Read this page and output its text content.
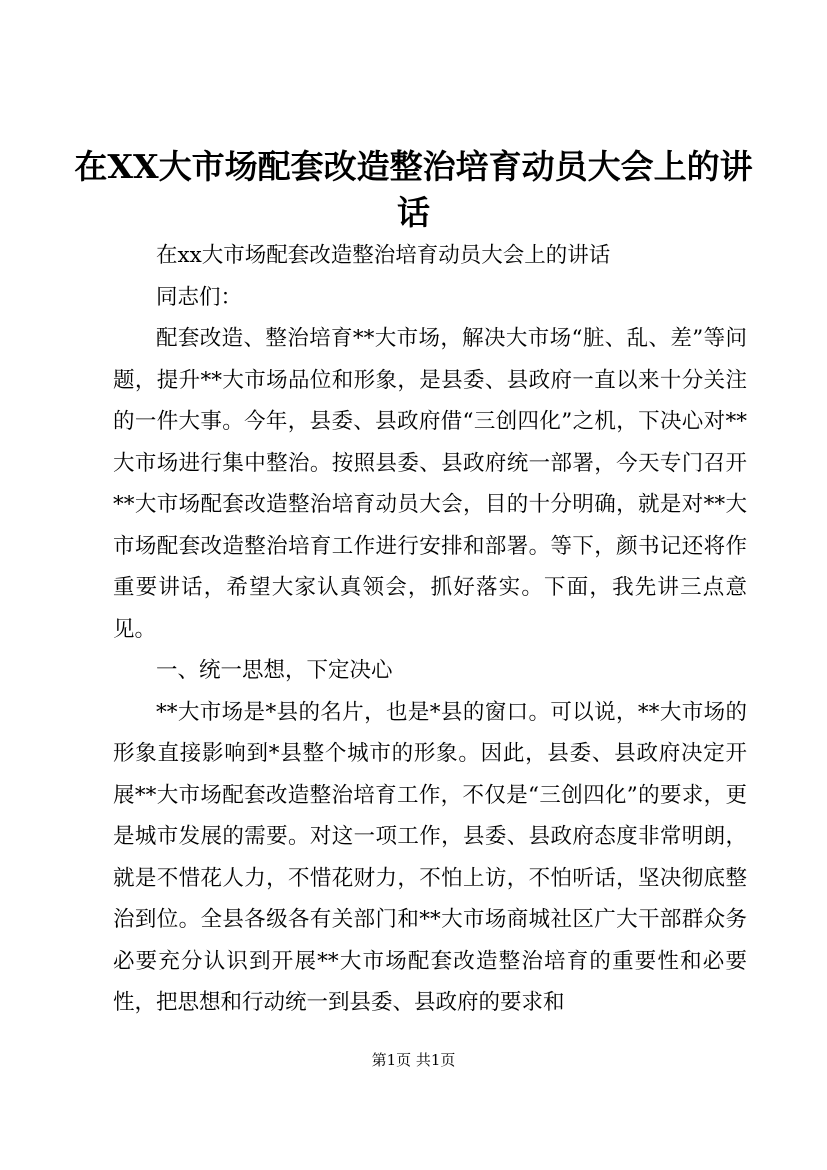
在XX大市场配套改造整治培育动员大会上的讲话

在xx大市场配套改造整治培育动员大会上的讲话

同志们：

配套改造、整治培育**大市场，解决大市场“脏、乱、差”等问题，提升**大市场品位和形象，是县委、县政府一直以来十分关注的一件大事。今年，县委、县政府借“三创四化”之机，下决心对**大市场进行集中整治。按照县委、县政府统一部署，今天专门召开**大市场配套改造整治培育动员大会，目的十分明确，就是对**大市场配套改造整治培育工作进行安排和部署。等下，颜书记还将作重要讲话，希望大家认真领会，抓好落实。下面，我先讲三点意见。

一、统一思想，下定决心

**大市场是*县的名片，也是*县的窗口。可以说，**大市场的形象直接影响到*县整个城市的形象。因此，县委、县政府决定开展**大市场配套改造整治培育工作，不仅是“三创四化”的要求，更是城市发展的需要。对这一项工作，县委、县政府态度非常明朗，就是不惜花人力，不惜花财力，不怕上访，不怕听话，坚决彻底整治到位。全县各级各有关部门和**大市场商城社区广大干部群众务必要充分认识到开展**大市场配套改造整治培育的重要性和必要性，把思想和行动统一到县委、县政府的要求和

第1页 共1页
